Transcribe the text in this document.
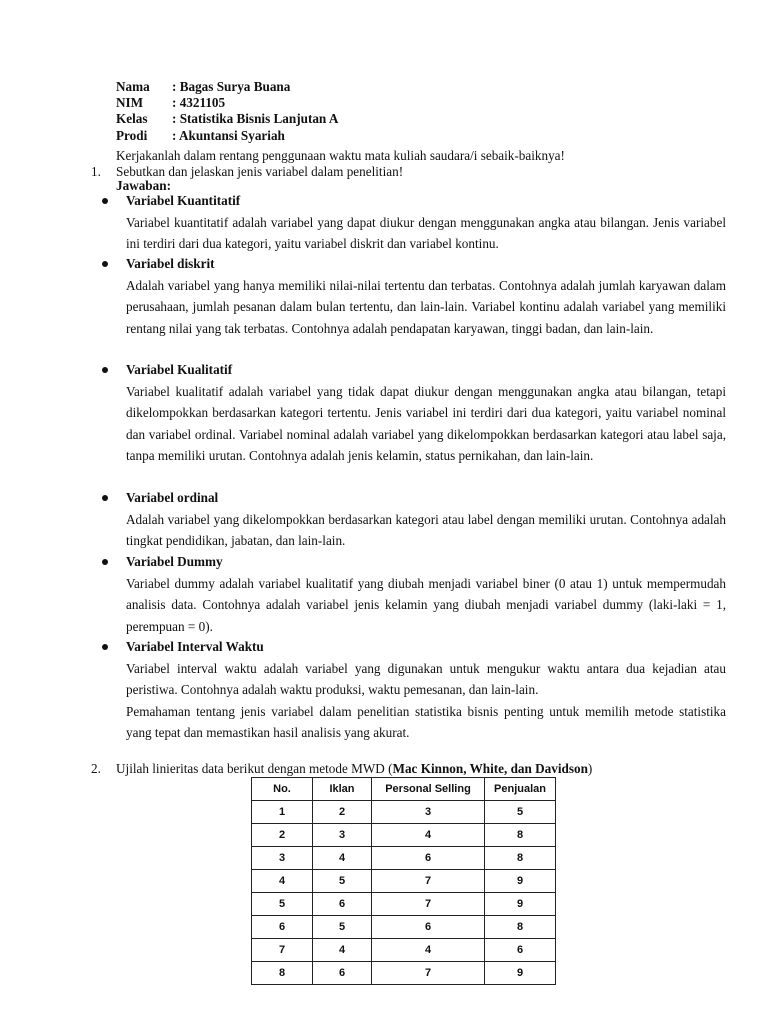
Nama	: Bagas Surya Buana
NIM	: 4321105
Kelas	: Statistika Bisnis Lanjutan A
Prodi	: Akuntansi Syariah
Kerjakanlah dalam rentang penggunaan waktu mata kuliah saudara/i sebaik-baiknya!
1. Sebutkan dan jelaskan jenis variabel dalam penelitian!
Jawaban:
Variabel Kuantitatif
Variabel kuantitatif adalah variabel yang dapat diukur dengan menggunakan angka atau bilangan. Jenis variabel ini terdiri dari dua kategori, yaitu variabel diskrit dan variabel kontinu.
Variabel diskrit
Adalah variabel yang hanya memiliki nilai-nilai tertentu dan terbatas. Contohnya adalah jumlah karyawan dalam perusahaan, jumlah pesanan dalam bulan tertentu, dan lain-lain. Variabel kontinu adalah variabel yang memiliki rentang nilai yang tak terbatas. Contohnya adalah pendapatan karyawan, tinggi badan, dan lain-lain.
Variabel Kualitatif
Variabel kualitatif adalah variabel yang tidak dapat diukur dengan menggunakan angka atau bilangan, tetapi dikelompokkan berdasarkan kategori tertentu. Jenis variabel ini terdiri dari dua kategori, yaitu variabel nominal dan variabel ordinal. Variabel nominal adalah variabel yang dikelompokkan berdasarkan kategori atau label saja, tanpa memiliki urutan. Contohnya adalah jenis kelamin, status pernikahan, dan lain-lain.
Variabel ordinal
Adalah variabel yang dikelompokkan berdasarkan kategori atau label dengan memiliki urutan. Contohnya adalah tingkat pendidikan, jabatan, dan lain-lain.
Variabel Dummy
Variabel dummy adalah variabel kualitatif yang diubah menjadi variabel biner (0 atau 1) untuk mempermudah analisis data. Contohnya adalah variabel jenis kelamin yang diubah menjadi variabel dummy (laki-laki = 1, perempuan = 0).
Variabel Interval Waktu
Variabel interval waktu adalah variabel yang digunakan untuk mengukur waktu antara dua kejadian atau peristiwa. Contohnya adalah waktu produksi, waktu pemesanan, dan lain-lain.
Pemahaman tentang jenis variabel dalam penelitian statistika bisnis penting untuk memilih metode statistika yang tepat dan memastikan hasil analisis yang akurat.
2. Ujilah linieritas data berikut dengan metode MWD (Mac Kinnon, White, dan Davidson)
No.	Iklan	Personal Selling	Penjualan
1	2	3	5
2	3	4	8
3	4	6	8
4	5	7	9
5	6	7	9
6	5	6	8
7	4	4	6
8	6	7	9
